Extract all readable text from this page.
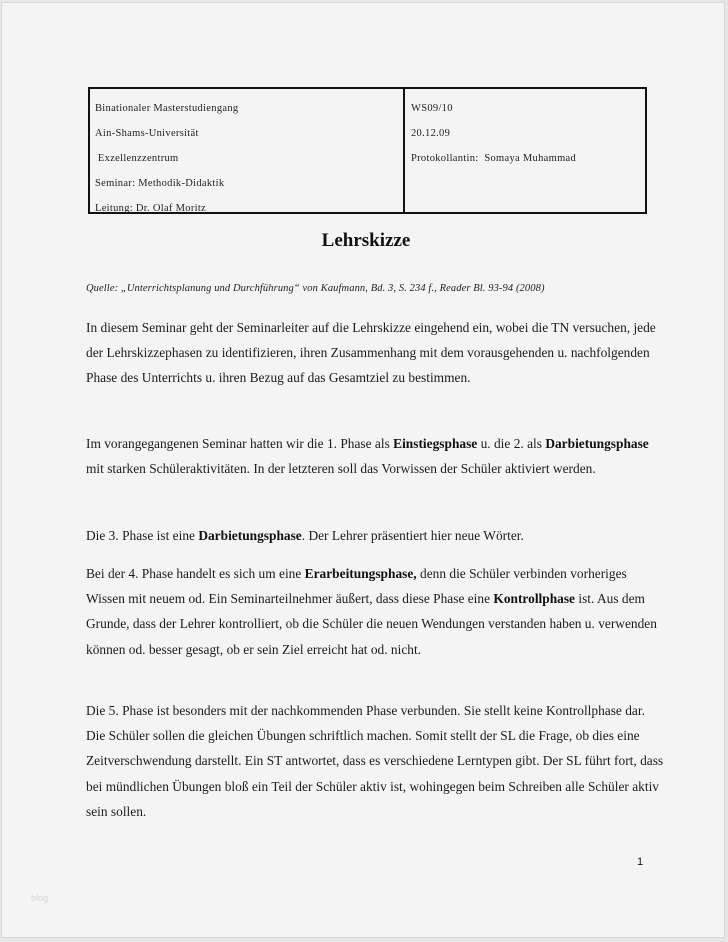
Binationaler Masterstudiengang
Ain-Shams-Universität
Exzellenzzentrum
Seminar: Methodik-Didaktik
Leitung: Dr. Olaf Moritz
WS09/10
20.12.09
Protokollantin:  Somaya Muhammad
Lehrskizze
Quelle: „Unterrichtsplanung und Durchführung“ von Kaufmann, Bd. 3, S. 234 f., Reader Bl. 93-94 (2008)
In diesem Seminar geht der Seminarleiter auf die Lehrskizze eingehend ein, wobei die TN versuchen, jede der Lehrskizzephasen zu identifizieren, ihren Zusammenhang mit dem vorausgehenden u. nachfolgenden Phase des Unterrichts u. ihren Bezug auf das Gesamtziel zu bestimmen.
Im vorangegangenen Seminar hatten wir die 1. Phase als Einstiegsphase u. die 2. als Darbietungsphase mit starken Schüleraktivitäten. In der letzteren soll das Vorwissen der Schüler aktiviert werden.
Die 3. Phase ist eine Darbietungsphase. Der Lehrer präsentiert hier neue Wörter.
Bei der 4. Phase handelt es sich um eine Erarbeitungsphase, denn die Schüler verbinden vorheriges Wissen mit neuem od. Ein Seminarteilnehmer äußert, dass diese Phase eine Kontrollphase ist. Aus dem Grunde, dass der Lehrer kontrolliert, ob die Schüler die neuen Wendungen verstanden haben u. verwenden können od. besser gesagt, ob er sein Ziel erreicht hat od. nicht.
Die 5. Phase ist besonders mit der nachkommenden Phase verbunden. Sie stellt keine Kontrollphase dar. Die Schüler sollen die gleichen Übungen schriftlich machen. Somit stellt der SL die Frage, ob dies eine Zeitverschwendung darstellt. Ein ST antwortet, dass es verschiedene Lerntypen gibt. Der SL führt fort, dass bei mündlichen Übungen bloß ein Teil der Schüler aktiv ist, wohingegen beim Schreiben alle Schüler aktiv sein sollen.
1
blog
